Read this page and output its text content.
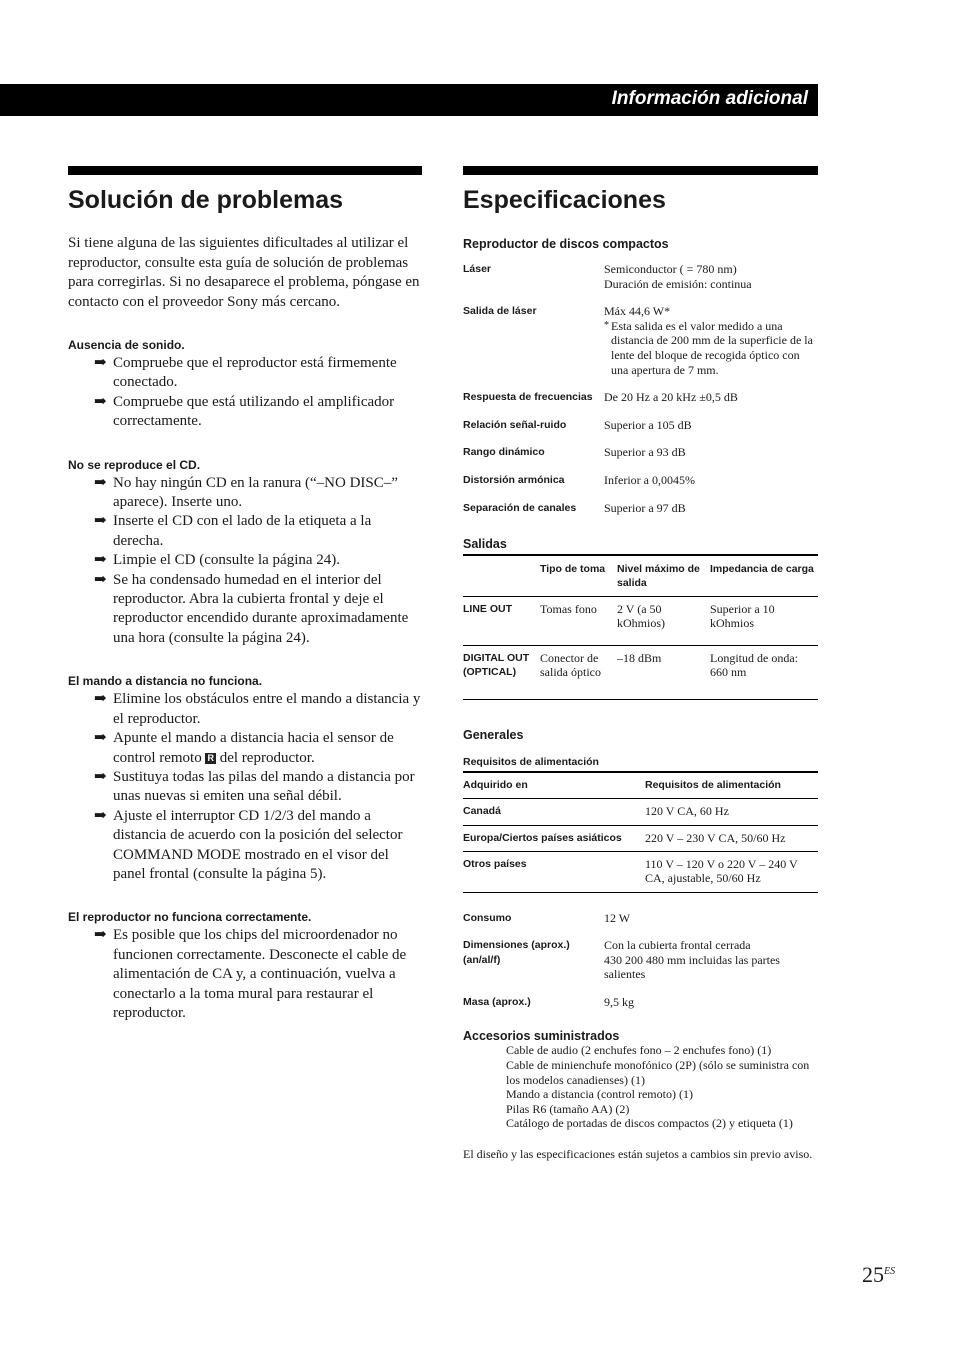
Información adicional
Solución de problemas
Si tiene alguna de las siguientes dificultades al utilizar el reproductor, consulte esta guía de solución de problemas para corregirlas. Si no desaparece el problema, póngase en contacto con el proveedor Sony más cercano.
Ausencia de sonido.
➡ Compruebe que el reproductor está firmemente conectado.
➡ Compruebe que está utilizando el amplificador correctamente.
No se reproduce el CD.
➡ No hay ningún CD en la ranura (“–NO DISC–” aparece). Inserte uno.
➡ Inserte el CD con el lado de la etiqueta a la derecha.
➡ Limpie el CD (consulte la página 24).
➡ Se ha condensado humedad en el interior del reproductor. Abra la cubierta frontal y deje el reproductor encendido durante aproximadamente una hora (consulte la página 24).
El mando a distancia no funciona.
➡ Elimine los obstáculos entre el mando a distancia y el reproductor.
➡ Apunte el mando a distancia hacia el sensor de control remoto R del reproductor.
➡ Sustituya todas las pilas del mando a distancia por unas nuevas si emiten una señal débil.
➡ Ajuste el interruptor CD 1/2/3 del mando a distancia de acuerdo con la posición del selector COMMAND MODE mostrado en el visor del panel frontal (consulte la página 5).
El reproductor no funciona correctamente.
➡ Es posible que los chips del microordenador no funcionen correctamente. Desconecte el cable de alimentación de CA y, a continuación, vuelva a conectarlo a la toma mural para restaurar el reproductor.
Especificaciones
Reproductor de discos compactos
Láser	Semiconductor ( = 780 nm)
Duración de emisión: continua
Salida de láser	Máx 44,6 W*
* Esta salida es el valor medido a una distancia de 200 mm de la superficie de la lente del bloque de recogida óptico con una apertura de 7 mm.
Respuesta de frecuencias De 20 Hz a 20 kHz ±0,5 dB
Relación señal-ruido	Superior a 105 dB
Rango dinámico	Superior a 93 dB
Distorsión armónica	Inferior a 0,0045%
Separación de canales	Superior a 97 dB
Salidas
	Tipo de toma	Nivel máximo de salida	Impedancia de carga
LINE OUT	Tomas fono	2 V (a 50 kOhmios)	Superior a 10 kOhmios
DIGITAL OUT (OPTICAL)	Conector de salida óptico	–18 dBm	Longitud de onda: 660 nm
Generales
Requisitos de alimentación
Adquirido en	Requisitos de alimentación
Canadá	120 V CA, 60 Hz
Europa/Ciertos países asiáticos	220 V – 230 V CA, 50/60 Hz
Otros países	110 V – 120 V o 220 V – 240 V CA, ajustable, 50/60 Hz
Consumo	12 W
Dimensiones (aprox.) (an/al/f)
Con la cubierta frontal cerrada
430 200 480 mm incluidas las partes salientes
Masa (aprox.)	9,5 kg
Accesorios suministrados
Cable de audio (2 enchufes fono – 2 enchufes fono) (1)
Cable de minienchufe monofónico (2P) (sólo se suministra con los modelos canadienses) (1)
Mando a distancia (control remoto) (1)
Pilas R6 (tamaño AA) (2)
Catálogo de portadas de discos compactos (2) y etiqueta (1)
El diseño y las especificaciones están sujetos a cambios sin previo aviso.
$25^{ES}$
